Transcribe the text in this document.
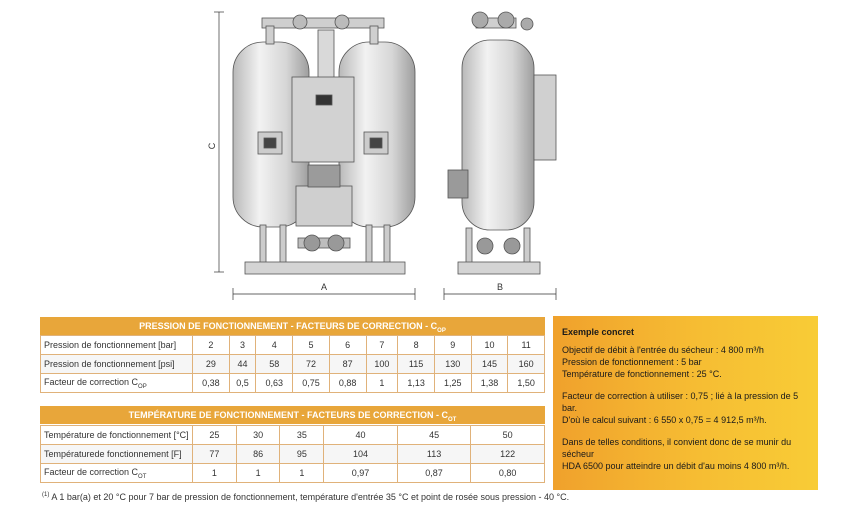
C
A	B
PRESSION DE FONCTIONNEMENT - FACTEURS DE CORRECTION - $C_{OP}$
Pression de fonctionnement [bar]	2	3	4	5	6	7	8	9	10	11
Pression de fonctionnement [psi]	29	44	58	72	87	100	115	130	145	160
Facteur de correction $C_{OP}$	0,38	0,5	0,63	0,75	0,88	1	1,13	1,25	1,38	1,50
TEMPÉRATURE DE FONCTIONNEMENT - FACTEURS DE CORRECTION - $C_{OT}$
Température de fonctionnement [°C]	25	30	35	40	45	50
Températurede fonctionnement [F]	77	86	95	104	113	122
Facteur de correction $C_{OT}$	1	1	1	0,97	0,87	0,80

Exemple concret

Objectif de débit à l'entrée du sécheur : 4 800 m³/h

Pression de fonctionnement : 5 bar

Température de fonctionnement : 25 °C.

Facteur de correction à utiliser : 0,75 ; lié à la pression de 5 bar.

D'où le calcul suivant : 6 550 x 0,75 = 4 912,5 m³/h.

Dans de telles conditions, il convient donc de se munir du sécheur

HDA 6500 pour atteindre un débit d'au moins 4 800 m³/h.

$^{(1)}$ A 1 bar(a) et 20 °C pour 7 bar de pression de fonctionnement, température d'entrée 35 °C et point de rosée sous pression - 40 °C.
